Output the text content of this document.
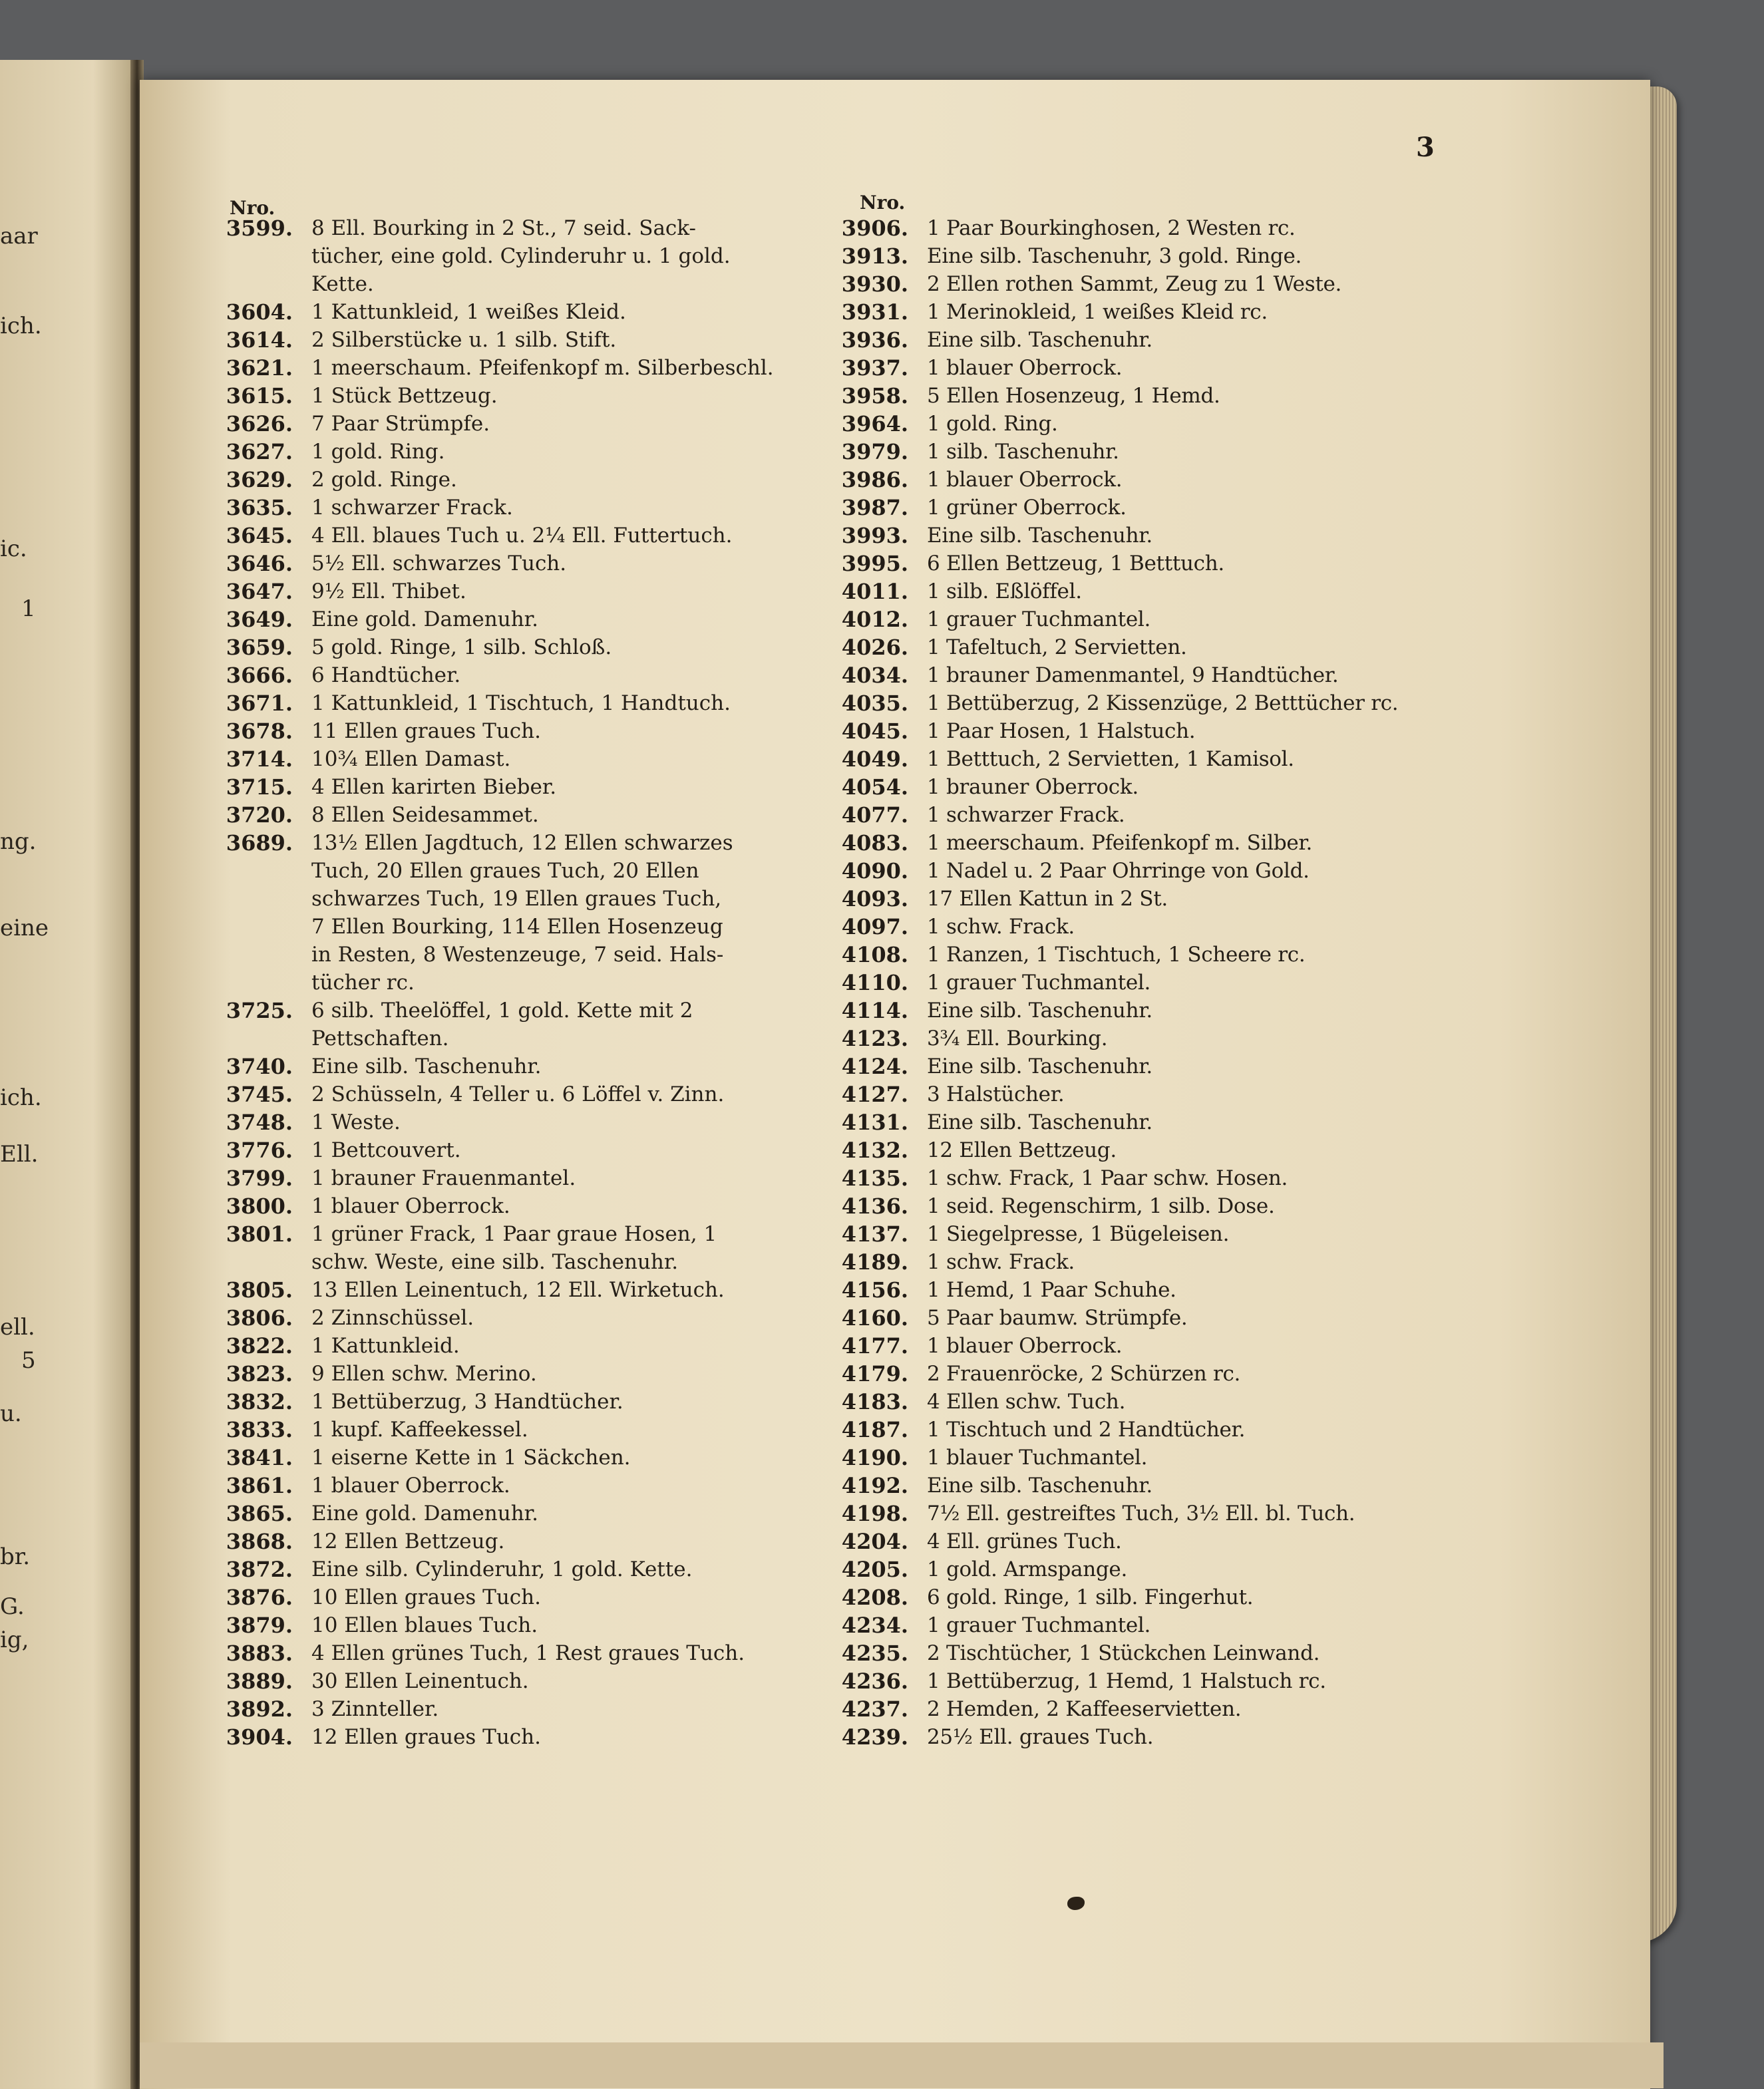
aar
ich.
ic.
1
ng.
eine
ich.
Ell.
ell.
5
u.
br.
G.
ig,
3
Nro.	Nro.
3599. 8 Ell. Bourking in 2 St., 7 seid. Sack-
tücher, eine gold. Cylinderuhr u. 1 gold.
Kette.
3604. 1 Kattunkleid, 1 weißes Kleid.
3614. 2 Silberstücke u. 1 silb. Stift.
3621. 1 meerschaum. Pfeifenkopf m. Silberbeschl.
3615. 1 Stück Bettzeug.
3626. 7 Paar Strümpfe.
3627. 1 gold. Ring.
3629. 2 gold. Ringe.
3635. 1 schwarzer Frack.
3645. 4 Ell. blaues Tuch u. 2¼ Ell. Futtertuch.
3646. 5½ Ell. schwarzes Tuch.
3647. 9½ Ell. Thibet.
3649. Eine gold. Damenuhr.
3659. 5 gold. Ringe, 1 silb. Schloß.
3666. 6 Handtücher.
3671. 1 Kattunkleid, 1 Tischtuch, 1 Handtuch.
3678. 11 Ellen graues Tuch.
3714. 10¾ Ellen Damast.
3715. 4 Ellen karirten Bieber.
3720. 8 Ellen Seidesammet.
3689. 13½ Ellen Jagdtuch, 12 Ellen schwarzes
Tuch, 20 Ellen graues Tuch, 20 Ellen
schwarzes Tuch, 19 Ellen graues Tuch,
7 Ellen Bourking, 114 Ellen Hosenzeug
in Resten, 8 Westenzeuge, 7 seid. Hals-
tücher rc.
3725. 6 silb. Theelöffel, 1 gold. Kette mit 2
Pettschaften.
3740. Eine silb. Taschenuhr.
3745. 2 Schüsseln, 4 Teller u. 6 Löffel v. Zinn.
3748. 1 Weste.
3776. 1 Bettcouvert.
3799. 1 brauner Frauenmantel.
3800. 1 blauer Oberrock.
3801. 1 grüner Frack, 1 Paar graue Hosen, 1
schw. Weste, eine silb. Taschenuhr.
3805. 13 Ellen Leinentuch, 12 Ell. Wirketuch.
3806. 2 Zinnschüssel.
3822. 1 Kattunkleid.
3823. 9 Ellen schw. Merino.
3832. 1 Bettüberzug, 3 Handtücher.
3833. 1 kupf. Kaffeekessel.
3841. 1 eiserne Kette in 1 Säckchen.
3861. 1 blauer Oberrock.
3865. Eine gold. Damenuhr.
3868. 12 Ellen Bettzeug.
3872. Eine silb. Cylinderuhr, 1 gold. Kette.
3876. 10 Ellen graues Tuch.
3879. 10 Ellen blaues Tuch.
3883. 4 Ellen grünes Tuch, 1 Rest graues Tuch.
3889. 30 Ellen Leinentuch.
3892. 3 Zinnteller.
3904. 12 Ellen graues Tuch.
3906. 1 Paar Bourkinghosen, 2 Westen rc.
3913. Eine silb. Taschenuhr, 3 gold. Ringe.
3930. 2 Ellen rothen Sammt, Zeug zu 1 Weste.
3931. 1 Merinokleid, 1 weißes Kleid rc.
3936. Eine silb. Taschenuhr.
3937. 1 blauer Oberrock.
3958. 5 Ellen Hosenzeug, 1 Hemd.
3964. 1 gold. Ring.
3979. 1 silb. Taschenuhr.
3986. 1 blauer Oberrock.
3987. 1 grüner Oberrock.
3993. Eine silb. Taschenuhr.
3995. 6 Ellen Bettzeug, 1 Betttuch.
4011. 1 silb. Eßlöffel.
4012. 1 grauer Tuchmantel.
4026. 1 Tafeltuch, 2 Servietten.
4034. 1 brauner Damenmantel, 9 Handtücher.
4035. 1 Bettüberzug, 2 Kissenzüge, 2 Betttücher rc.
4045. 1 Paar Hosen, 1 Halstuch.
4049. 1 Betttuch, 2 Servietten, 1 Kamisol.
4054. 1 brauner Oberrock.
4077. 1 schwarzer Frack.
4083. 1 meerschaum. Pfeifenkopf m. Silber.
4090. 1 Nadel u. 2 Paar Ohrringe von Gold.
4093. 17 Ellen Kattun in 2 St.
4097. 1 schw. Frack.
4108. 1 Ranzen, 1 Tischtuch, 1 Scheere rc.
4110. 1 grauer Tuchmantel.
4114. Eine silb. Taschenuhr.
4123. 3¾ Ell. Bourking.
4124. Eine silb. Taschenuhr.
4127. 3 Halstücher.
4131. Eine silb. Taschenuhr.
4132. 12 Ellen Bettzeug.
4135. 1 schw. Frack, 1 Paar schw. Hosen.
4136. 1 seid. Regenschirm, 1 silb. Dose.
4137. 1 Siegelpresse, 1 Bügeleisen.
4189. 1 schw. Frack.
4156. 1 Hemd, 1 Paar Schuhe.
4160. 5 Paar baumw. Strümpfe.
4177. 1 blauer Oberrock.
4179. 2 Frauenröcke, 2 Schürzen rc.
4183. 4 Ellen schw. Tuch.
4187. 1 Tischtuch und 2 Handtücher.
4190. 1 blauer Tuchmantel.
4192. Eine silb. Taschenuhr.
4198. 7½ Ell. gestreiftes Tuch, 3½ Ell. bl. Tuch.
4204. 4 Ell. grünes Tuch.
4205. 1 gold. Armspange.
4208. 6 gold. Ringe, 1 silb. Fingerhut.
4234. 1 grauer Tuchmantel.
4235. 2 Tischtücher, 1 Stückchen Leinwand.
4236. 1 Bettüberzug, 1 Hemd, 1 Halstuch rc.
4237. 2 Hemden, 2 Kaffeeservietten.
4239. 25½ Ell. graues Tuch.
